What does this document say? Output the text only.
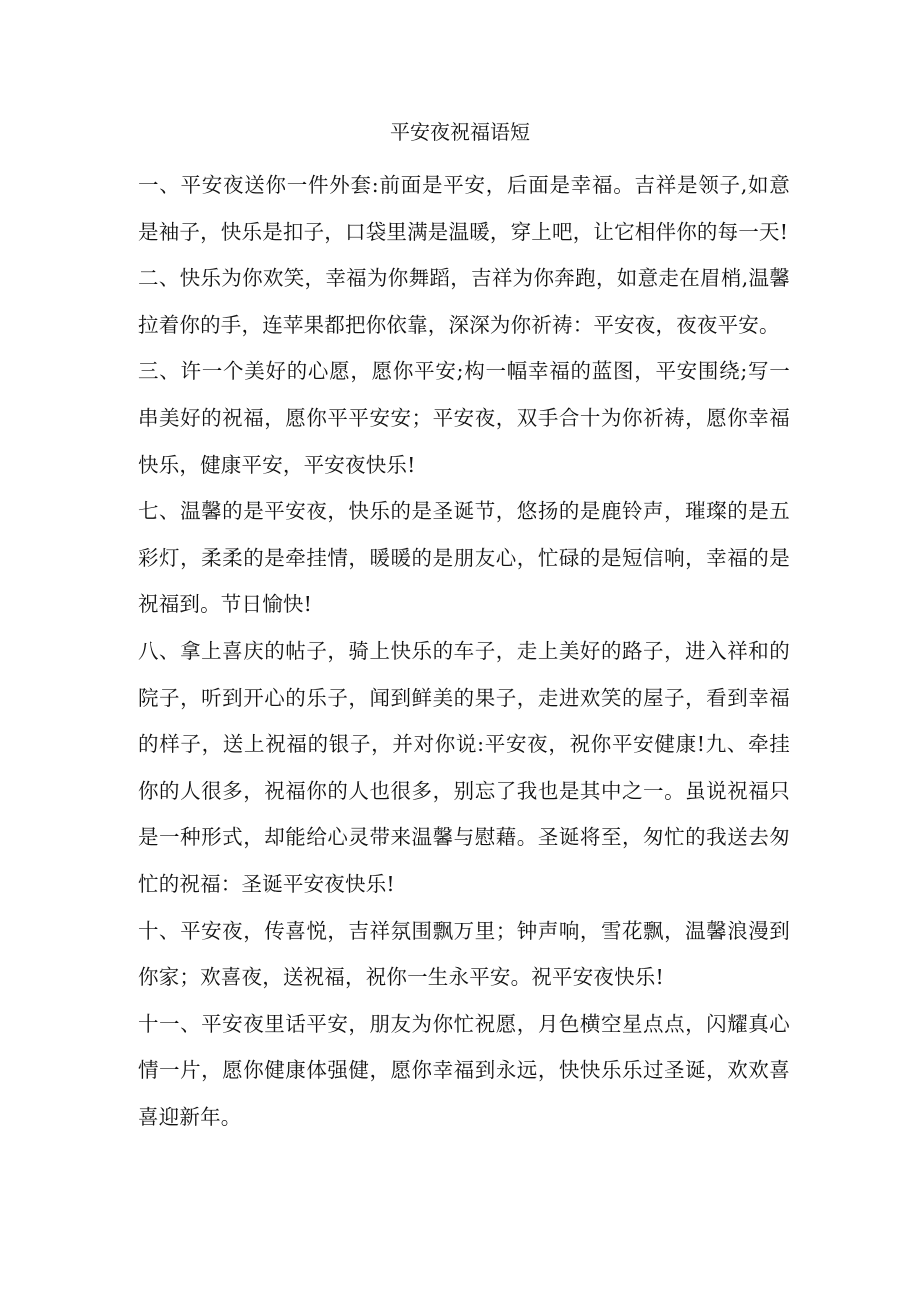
平安夜祝福语短

一、平安夜送你一件外套:前面是平安，后面是幸福。吉祥是领子,如意是袖子，快乐是扣子，口袋里满是温暖，穿上吧，让它相伴你的每一天!

二、快乐为你欢笑，幸福为你舞蹈，吉祥为你奔跑，如意走在眉梢,温馨拉着你的手，连苹果都把你依靠，深深为你祈祷：平安夜，夜夜平安。

三、许一个美好的心愿，愿你平安;构一幅幸福的蓝图，平安围绕;写一串美好的祝福，愿你平平安安；平安夜，双手合十为你祈祷，愿你幸福快乐，健康平安，平安夜快乐!

七、温馨的是平安夜，快乐的是圣诞节，悠扬的是鹿铃声，璀璨的是五彩灯，柔柔的是牵挂情，暖暖的是朋友心，忙碌的是短信响，幸福的是祝福到。节日愉快!

八、拿上喜庆的帖子，骑上快乐的车子，走上美好的路子，进入祥和的院子，听到开心的乐子，闻到鲜美的果子，走进欢笑的屋子，看到幸福的样子，送上祝福的银子，并对你说:平安夜，祝你平安健康!九、牵挂你的人很多，祝福你的人也很多，别忘了我也是其中之一。虽说祝福只是一种形式，却能给心灵带来温馨与慰藉。圣诞将至，匆忙的我送去匆忙的祝福：圣诞平安夜快乐!

十、平安夜，传喜悦，吉祥氛围飘万里；钟声响，雪花飘，温馨浪漫到你家；欢喜夜，送祝福，祝你一生永平安。祝平安夜快乐!

十一、平安夜里话平安，朋友为你忙祝愿，月色横空星点点，闪耀真心情一片，愿你健康体强健，愿你幸福到永远，快快乐乐过圣诞，欢欢喜喜迎新年。
